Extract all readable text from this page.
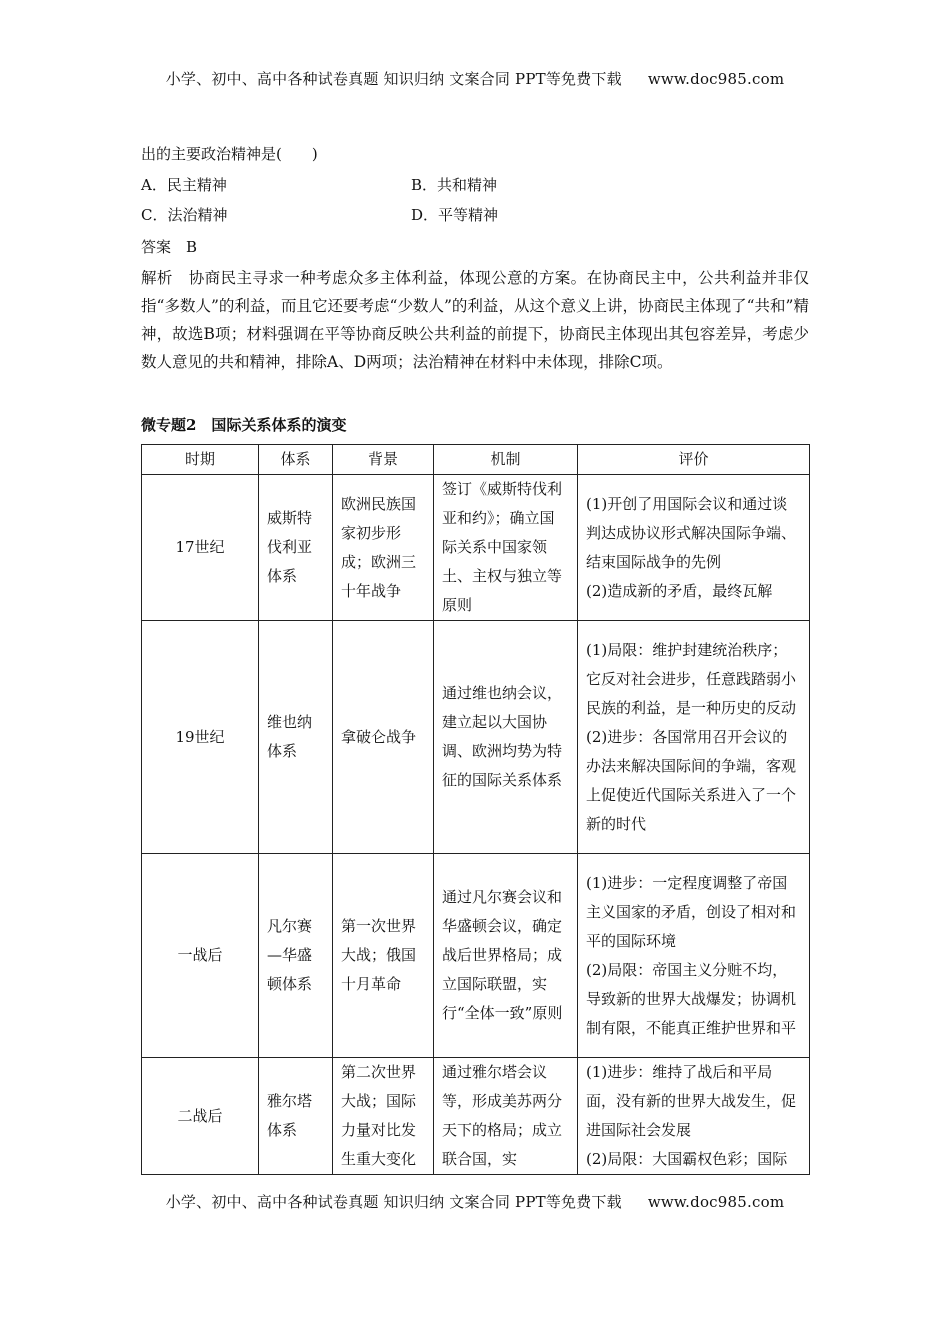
小学、初中、高中各种试卷真题 知识归纳 文案合同 PPT等免费下载 www.doc985.com
出的主要政治精神是(　　)
A．民主精神	B．共和精神
C．法治精神	D．平等精神
答案　 B
解析　 协商民主寻求一种考虑众多主体利益，体现公意的方案。在协商民主中，公共利益并非仅指“多数人”的利益，而且它还要考虑“少数人”的利益，从这个意义上讲，协商民主体现了“共和”精神，故选B项；材料强调在平等协商反映公共利益的前提下，协商民主体现出其包容差异，考虑少数人意见的共和精神，排除A、D两项；法治精神在材料中未体现，排除C项。
微专题2　国际关系体系的演变
时期	体系	背景	机制	评价
17世纪	威斯特伐利亚体系	欧洲民族国家初步形成；欧洲三十年战争	签订《威斯特伐利亚和约》；确立国际关系中国家领土、主权与独立等原则	(1)开创了用国际会议和通过谈判达成协议形式解决国际争端、结束国际战争的先例
(2)造成新的矛盾，最终瓦解

19世纪	维也纳体系	拿破仑战争	通过维也纳会议，建立起以大国协调、欧洲均势为特征的国际关系体系	(1)局限：维护封建统治秩序；它反对社会进步，任意践踏弱小民族的利益，是一种历史的反动
(2)进步：各国常用召开会议的办法来解决国际间的争端，客观上促使近代国际关系进入了一个新的时代

一战后	凡尔赛—华盛顿体系	第一次世界大战；俄国十月革命	通过凡尔赛会议和华盛顿会议，确定战后世界格局；成立国际联盟，实行“全体一致”原则	(1)进步：一定程度调整了帝国主义国家的矛盾，创设了相对和平的国际环境
(2)局限：帝国主义分赃不均，导致新的世界大战爆发；协调机制有限，不能真正维护世界和平

二战后	雅尔塔体系	第二次世界大战；国际力量对比发生重大变化	通过雅尔塔会议等，形成美苏两分天下的格局；成立联合国，实	(1)进步：维持了战后和平局面，没有新的世界大战发生，促进国际社会发展
(2)局限：大国霸权色彩；国际
小学、初中、高中各种试卷真题 知识归纳 文案合同 PPT等免费下载 www.doc985.com
